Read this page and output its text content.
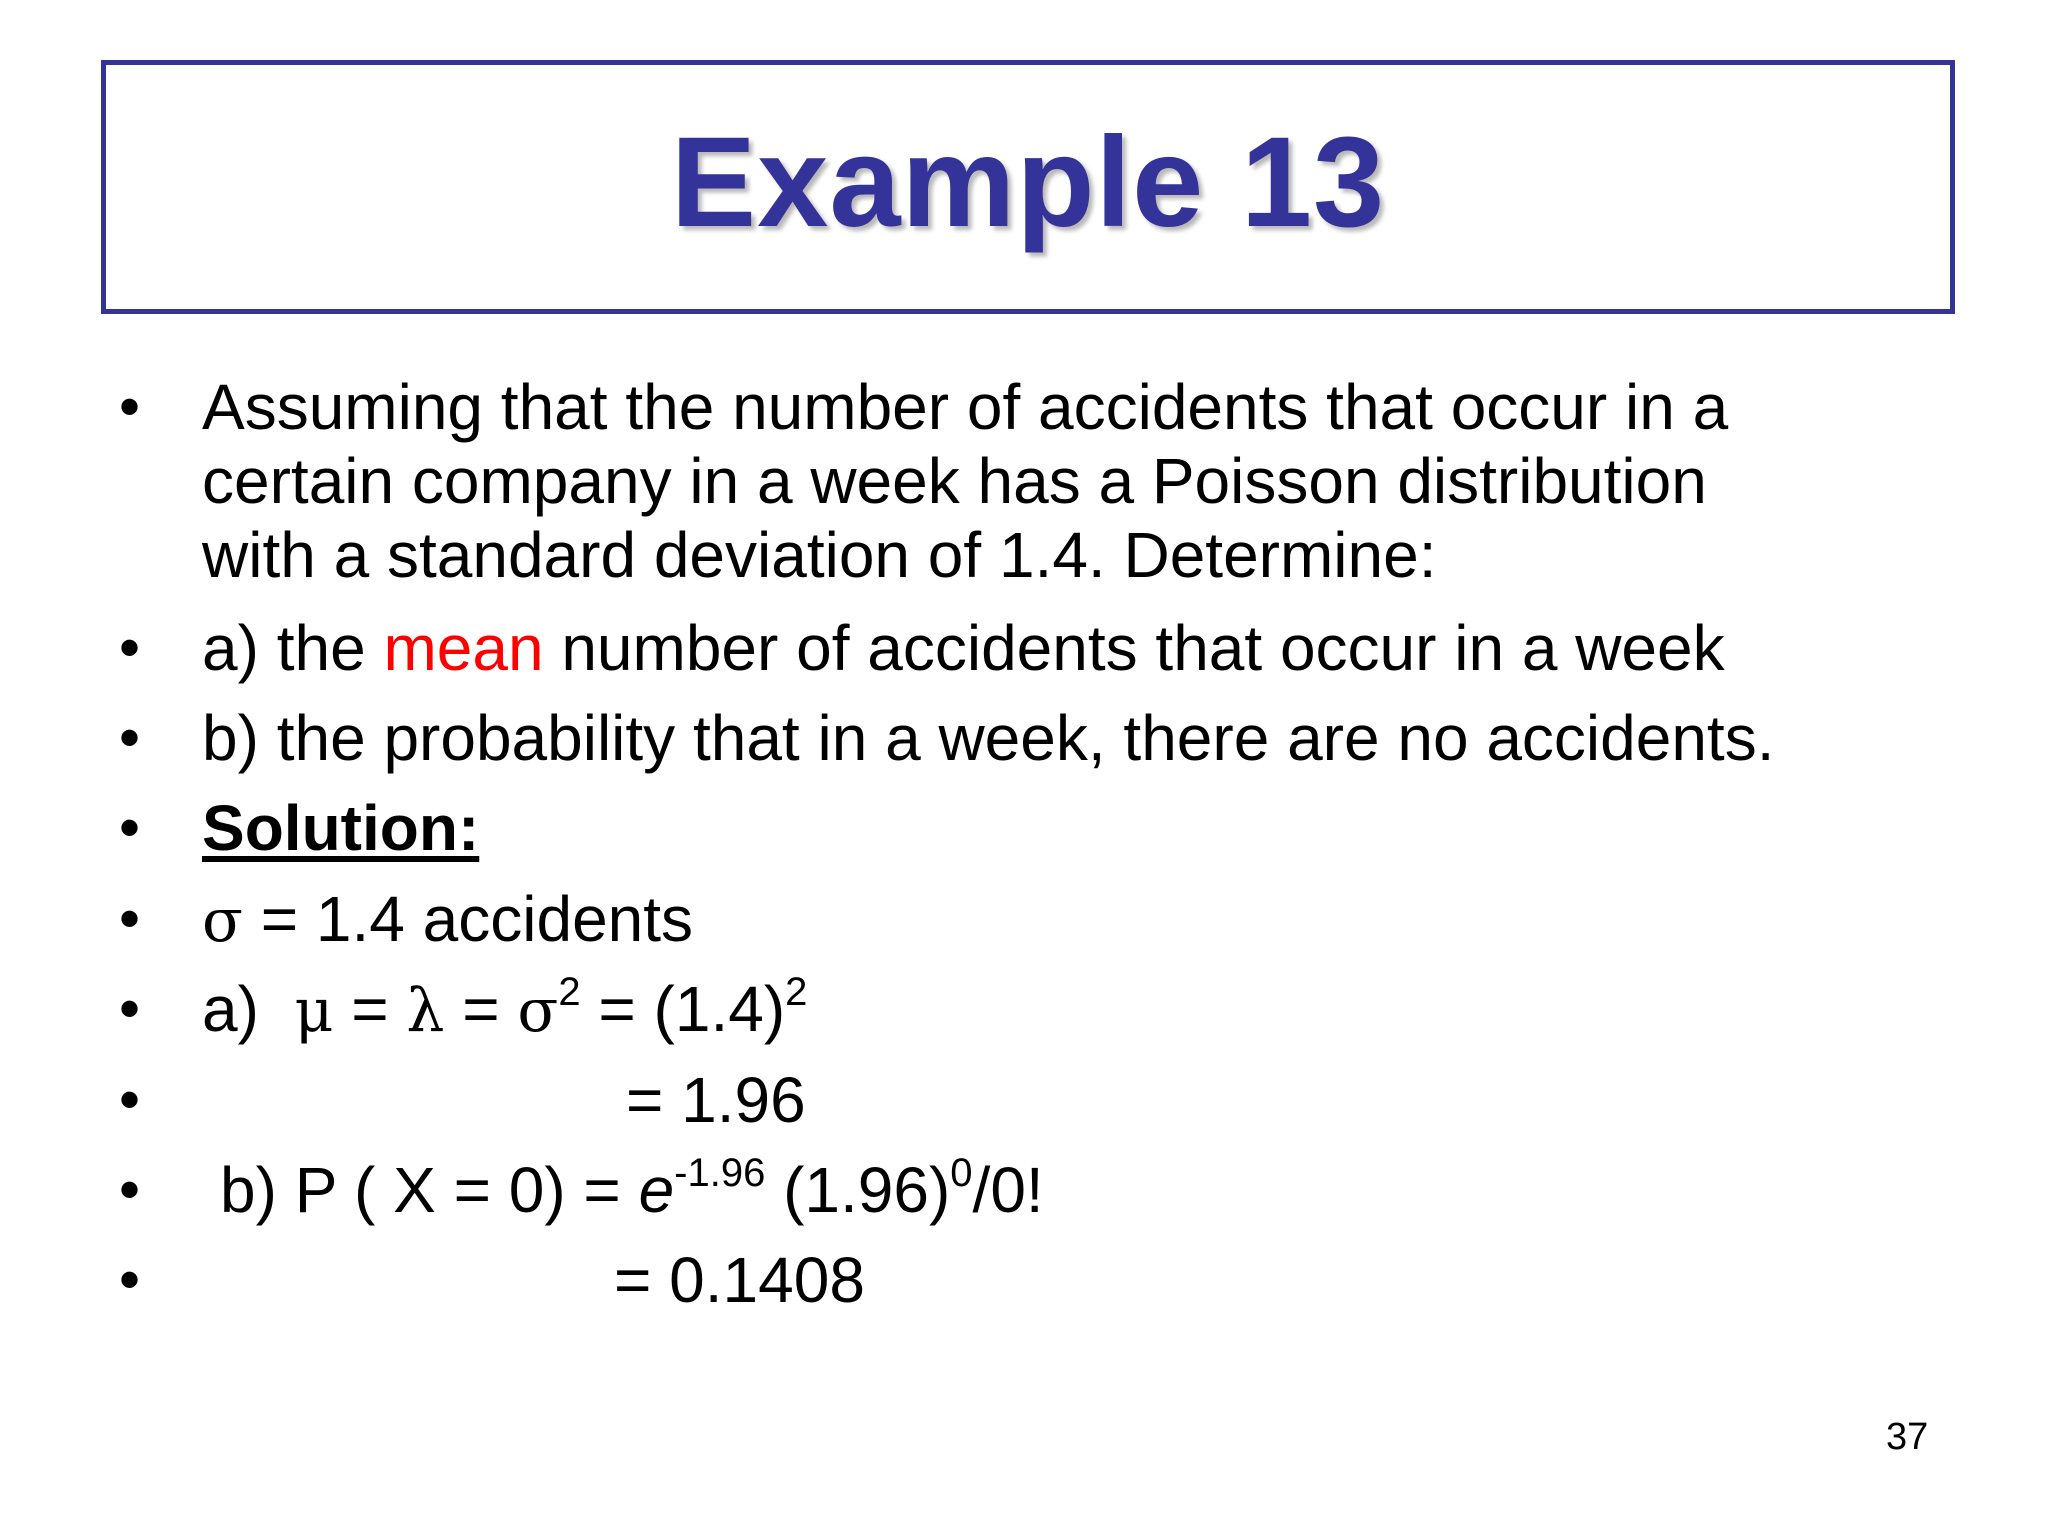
Example 13
• Assuming that the number of accidents that occur in a
certain company in a week has a Poisson distribution
with a standard deviation of 1.4. Determine:
• a) the mean number of accidents that occur in a week
• b) the probability that in a week, there are no accidents.
• Solution:
• σ = 1.4 accidents
• a) $\mu = \lambda = \sigma^2 = (1.4)^2$
•	= 1.96
• b) P ( $X = 0) = e^{-1.96}$ $(1.96)^0/0$!
•	= 0.1408
37
